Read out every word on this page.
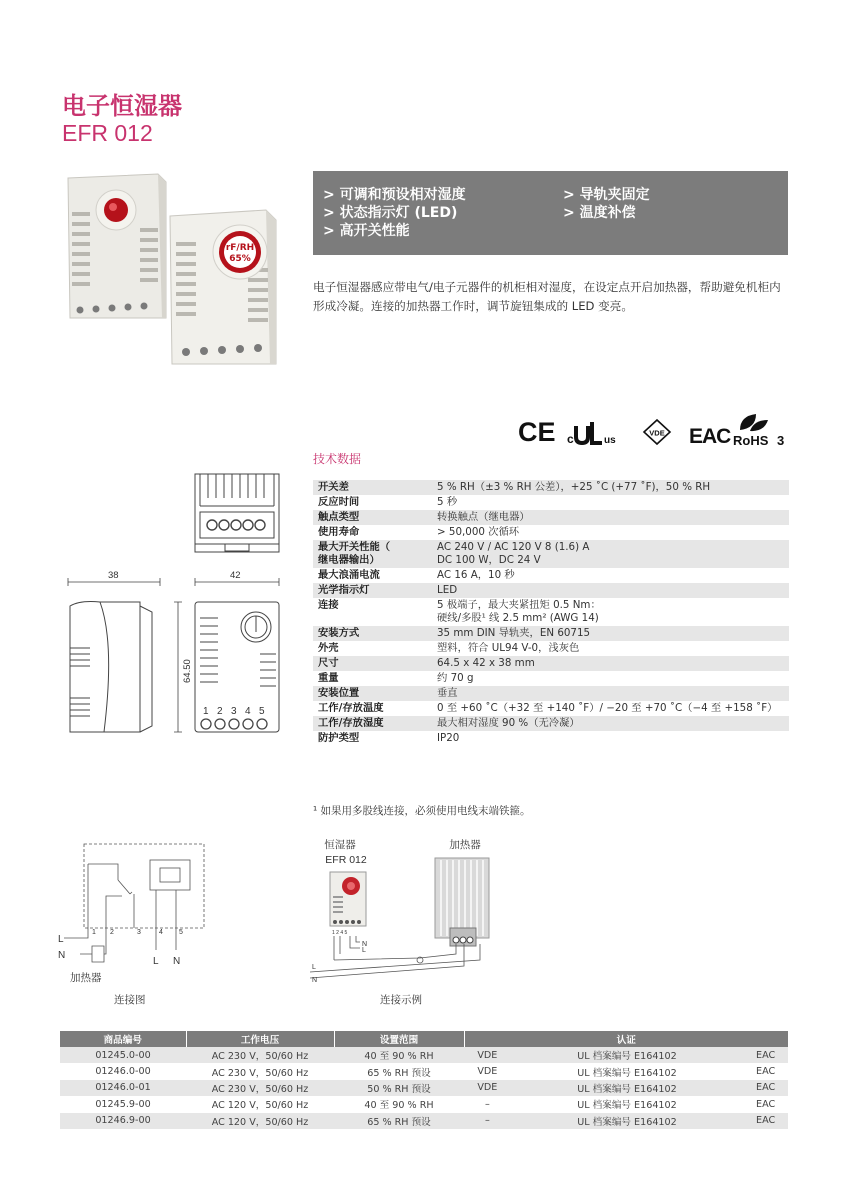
电子恒湿器
EFR 012
rF/RH
65%
> 可调和预设相对湿度
> 状态指示灯 (LED)
> 高开关性能
> 导轨夹固定
> 温度补偿
电子恒湿器感应带电气/电子元器件的机柜相对湿度，在设定点开启加热器，帮助避免机柜内形成冷凝。连接的加热器工作时，调节旋钮集成的 LED 变亮。
CE c	us
VDE EAC RoHS 3
技术数据
开关差	5 % RH（±3 % RH 公差），+25 ˚C (+77 ˚F)，50 % RH
反应时间	5 秒
触点类型	转换触点（继电器）
使用寿命	> 50,000 次循环
最大开关性能（
继电器输出）	AC 240 V / AC 120 V 8 (1.6) A
DC 100 W，DC 24 V
最大浪涌电流	AC 16 A，10 秒
光学指示灯	LED
连接	5 极端子，最大夹紧扭矩 0.5 Nm：
硬线/多股¹ 线 2.5 mm² (AWG 14)
安装方式	35 mm DIN 导轨夹，EN 60715
外壳	塑料，符合 UL94 V-0，浅灰色
尺寸	64.5 x 42 x 38 mm
重量	约 70 g
安装位置	垂直
工作/存放温度	0 至 +60 ˚C（+32 至 +140 ˚F）/ −20 至 +70 ˚C（−4 至 +158 ˚F）
工作/存放湿度	最大相对湿度 90 %（无冷凝）
防护类型	IP20
¹ 如果用多股线连接，必须使用电线末端铁箍。
38	42
64.50
1 2 3 4 5
1 2	3	4 5
L
N
L N
加热器
连接图
恒湿器
EFR 012
加热器
1 2 4 5
N
L
L
N
连接示例
商品编号	工作电压	设置范围	认证		
01245.0-00	AC 230 V，50/60 Hz	40 至 90 % RH	VDE	UL 档案编号 E164102	EAC
01246.0-00	AC 230 V，50/60 Hz	65 % RH 预设	VDE	UL 档案编号 E164102	EAC
01246.0-01	AC 230 V，50/60 Hz	50 % RH 预设	VDE	UL 档案编号 E164102	EAC
01245.9-00	AC 120 V，50/60 Hz	40 至 90 % RH	–	UL 档案编号 E164102	EAC
01246.9-00	AC 120 V，50/60 Hz	65 % RH 预设	–	UL 档案编号 E164102	EAC
